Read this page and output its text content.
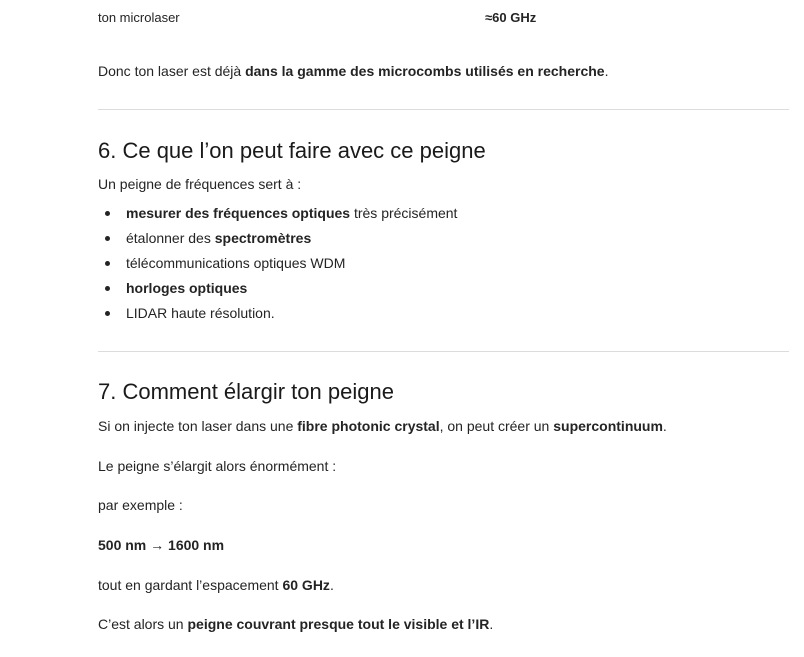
ton microlaser	≈60 GHz
Donc ton laser est déjà dans la gamme des microcombs utilisés en recherche.
6. Ce que l’on peut faire avec ce peigne
Un peigne de fréquences sert à :
mesurer des fréquences optiques très précisément
étalonner des spectromètres
télécommunications optiques WDM
horloges optiques
LIDAR haute résolution.
7. Comment élargir ton peigne
Si on injecte ton laser dans une fibre photonic crystal, on peut créer un supercontinuum.
Le peigne s’élargit alors énormément :
par exemple :
500 nm → 1600 nm
tout en gardant l’espacement 60 GHz.
C’est alors un peigne couvrant presque tout le visible et l’IR.
